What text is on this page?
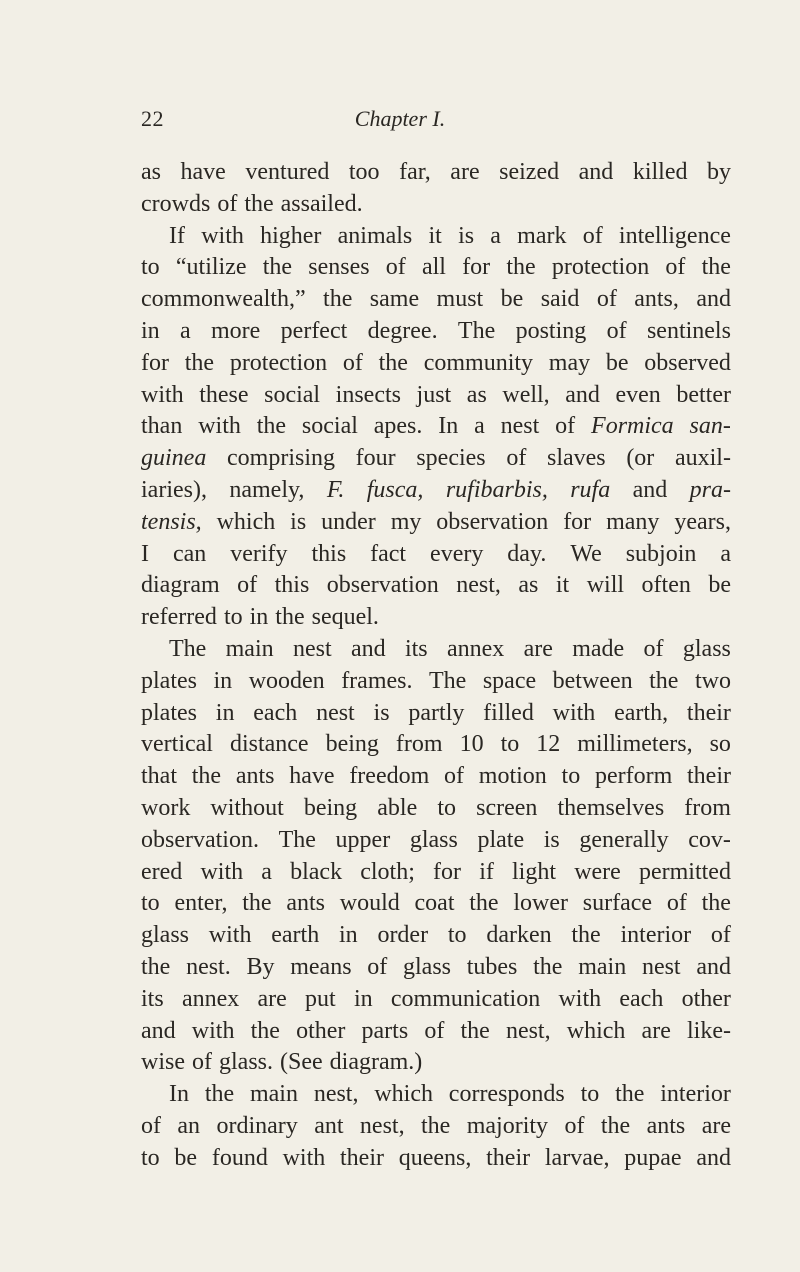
22	Chapter I.
as have ventured too far, are seized and killed by
crowds of the assailed.
If with higher animals it is a mark of intelligence
to “utilize the senses of all for the protection of the
commonwealth,” the same must be said of ants, and
in a more perfect degree. The posting of sentinels
for the protection of the community may be observed
with these social insects just as well, and even better
than with the social apes. In a nest of Formica san-
guinea comprising four species of slaves (or auxil-
iaries), namely, F. fusca, rufibarbis, rufa and pra-
tensis, which is under my observation for many years,
I can verify this fact every day. We subjoin a
diagram of this observation nest, as it will often be
referred to in the sequel.
The main nest and its annex are made of glass
plates in wooden frames. The space between the two
plates in each nest is partly filled with earth, their
vertical distance being from 10 to 12 millimeters, so
that the ants have freedom of motion to perform their
work without being able to screen themselves from
observation. The upper glass plate is generally cov-
ered with a black cloth; for if light were permitted
to enter, the ants would coat the lower surface of the
glass with earth in order to darken the interior of
the nest. By means of glass tubes the main nest and
its annex are put in communication with each other
and with the other parts of the nest, which are like-
wise of glass. (See diagram.)
In the main nest, which corresponds to the interior
of an ordinary ant nest, the majority of the ants are
to be found with their queens, their larvae, pupae and
